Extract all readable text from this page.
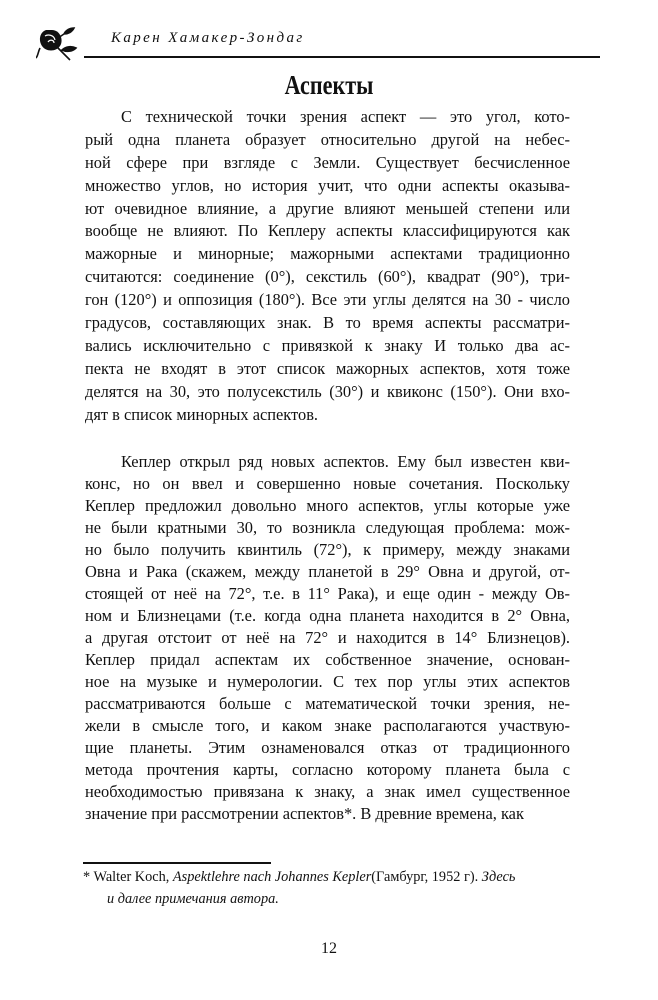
Карен Хамакер-Зондаг
Аспекты
С технической точки зрения аспект — это угол, кото-
рый одна планета образует относительно другой на небес-
ной сфере при взгляде с Земли. Существует бесчисленное
множество углов, но история учит, что одни аспекты оказыва-
ют очевидное влияние, а другие влияют меньшей степени или
вообще не влияют. По Кеплеру аспекты классифицируются как
мажорные и минорные; мажорными аспектами традиционно
считаются: соединение (0°), секстиль (60°), квадрат (90°), три-
гон (120°) и оппозиция (180°). Все эти углы делятся на 30 - число
градусов, составляющих знак. В то время аспекты рассматри-
вались исключительно с привязкой к знаку И только два ас-
пекта не входят в этот список мажорных аспектов, хотя тоже
делятся на 30, это полусекстиль (30°) и квиконс (150°). Они вхо-
дят в список минорных аспектов.
Кеплер открыл ряд новых аспектов. Ему был известен кви-
конс, но он ввел и совершенно новые сочетания. Поскольку
Кеплер предложил довольно много аспектов, углы которые уже
не были кратными 30, то возникла следующая проблема: мож-
но было получить квинтиль (72°), к примеру, между знаками
Овна и Рака (скажем, между планетой в 29° Овна и другой, от-
стоящей от неё на 72°, т.е. в 11° Рака), и еще один - между Ов-
ном и Близнецами (т.е. когда одна планета находится в 2° Овна,
а другая отстоит от неё на 72° и находится в 14° Близнецов).
Кеплер придал аспектам их собственное значение, основан-
ное на музыке и нумерологии. С тех пор углы этих аспектов
рассматриваются больше с математической точки зрения, не-
жели в смысле того, и каком знаке располагаются участвую-
щие планеты. Этим ознаменовался отказ от традиционного
метода прочтения карты, согласно которому планета была с
необходимостью привязана к знаку, а знак имел существенное
значение при рассмотрении аспектов*. В древние времена, как
* Walter Koch, Aspektlehre nach Johannes Kepler(Гамбург, 1952 г). Здесь
и далее примечания автора.
12
